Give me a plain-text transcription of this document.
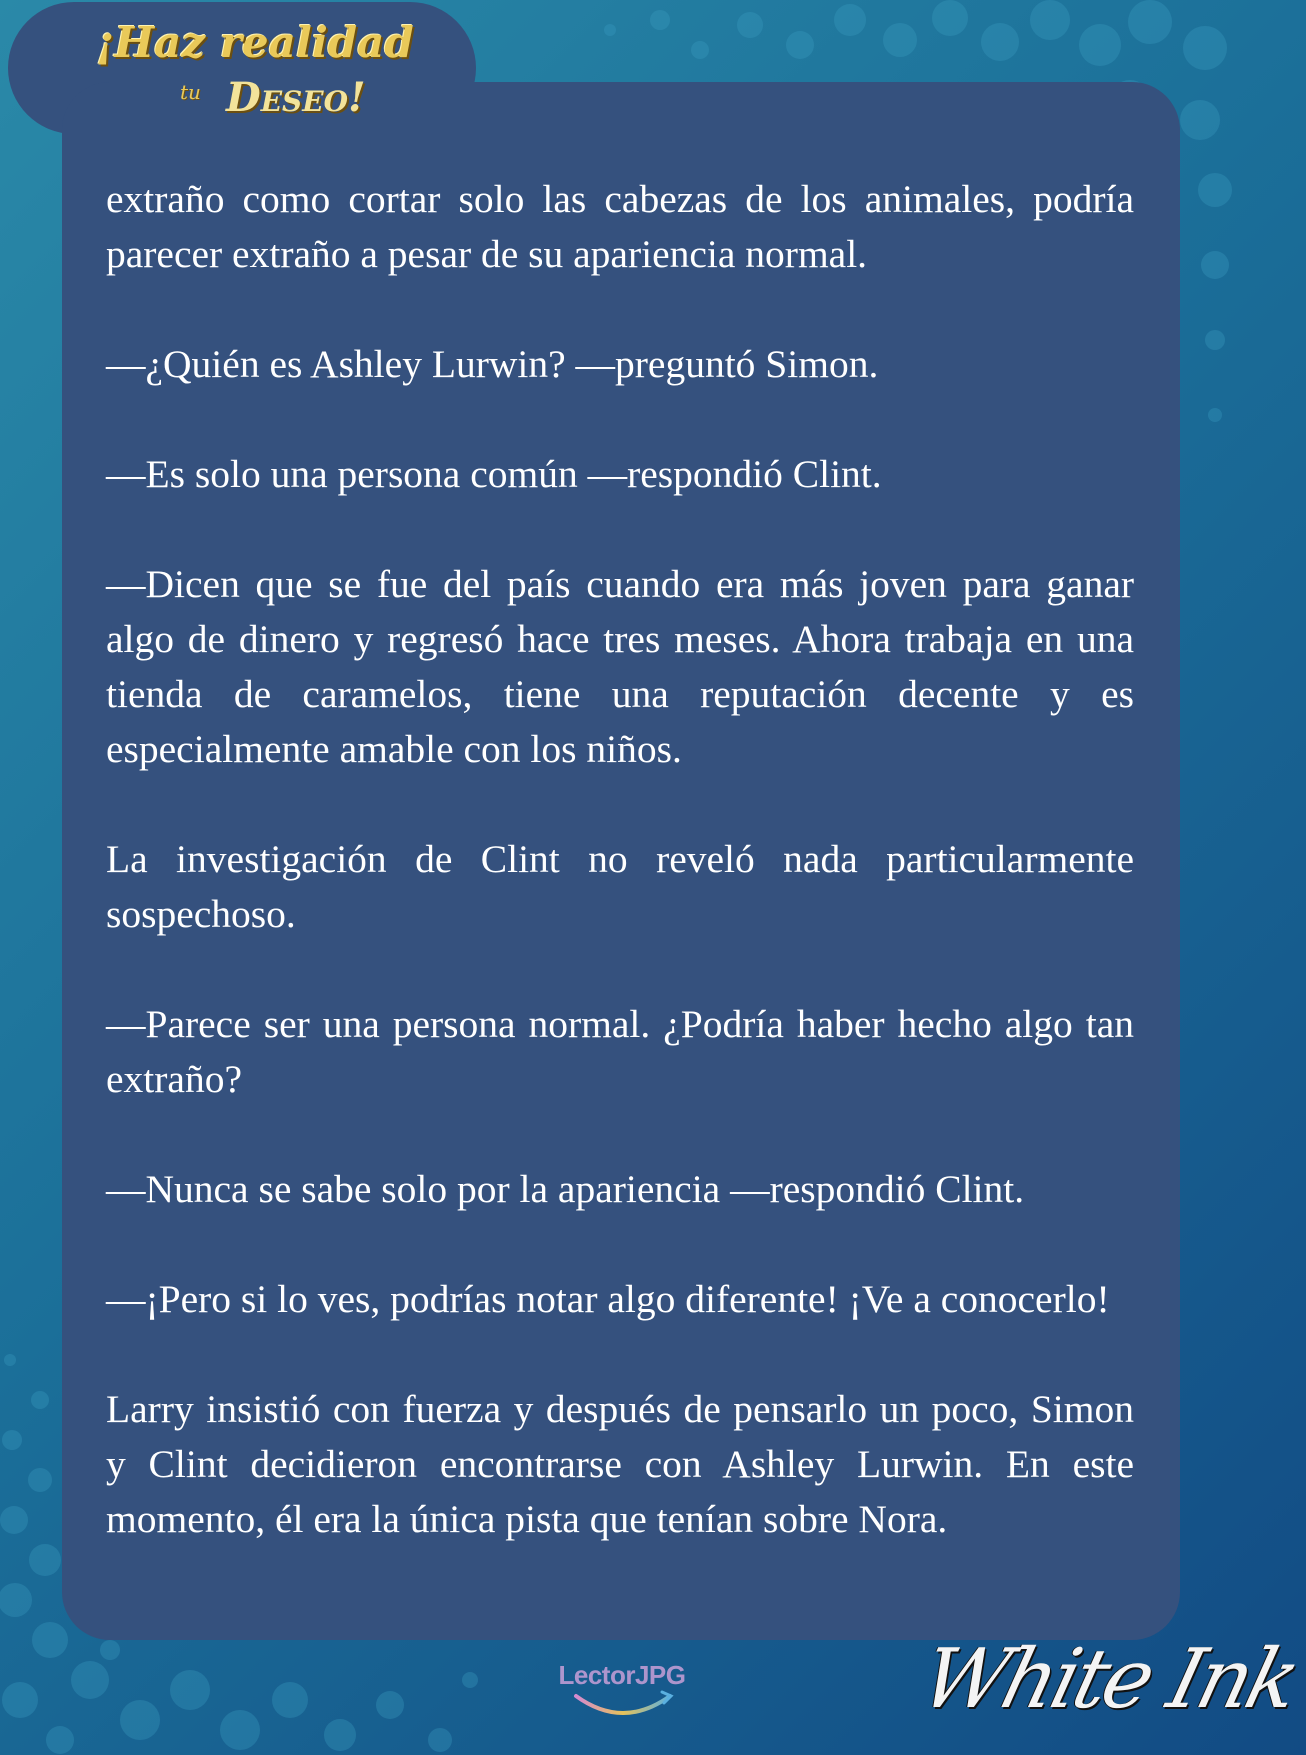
¡Haz realidad
tu Deseo!

extraño como cortar solo las cabezas de los animales, podría parecer extraño a pesar de su apariencia normal.

—¿Quién es Ashley Lurwin? —preguntó Simon.

—Es solo una persona común —respondió Clint.

—Dicen que se fue del país cuando era más joven para ganar algo de dinero y regresó hace tres meses. Ahora trabaja en una tienda de caramelos, tiene una reputación decente y es especialmente amable con los niños.

La investigación de Clint no reveló nada particularmente sospechoso.

—Parece ser una persona normal. ¿Podría haber hecho algo tan extraño?

—Nunca se sabe solo por la apariencia —respondió Clint.

—¡Pero si lo ves, podrías notar algo diferente! ¡Ve a conocerlo!

Larry insistió con fuerza y después de pensarlo un poco, Simon y Clint decidieron encontrarse con Ashley Lurwin. En este momento, él era la única pista que tenían sobre Nora.

LectorJPG	White Ink
